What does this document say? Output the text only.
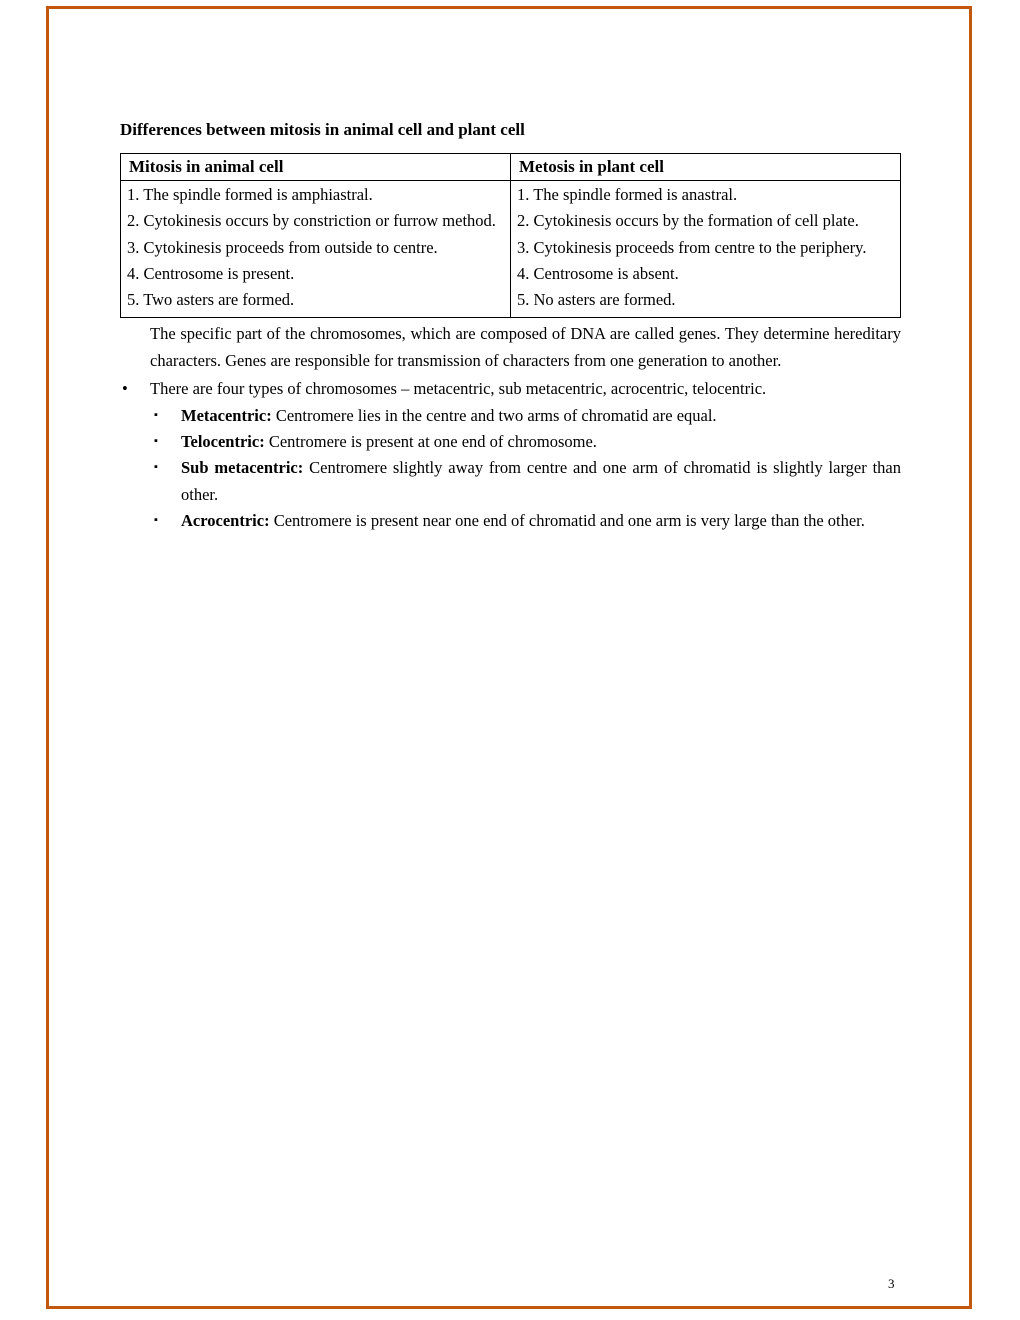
Differences between mitosis in animal cell and plant cell
Mitosis in animal cell	Metosis in plant cell

1. The spindle formed is amphiastral.
2. Cytokinesis occurs by constriction or furrow method.
3. Cytokinesis proceeds from outside to centre.
4. Centrosome is present.
5. Two asters are formed.

1. The spindle formed is anastral.
2. Cytokinesis occurs by the formation of cell plate.
3. Cytokinesis proceeds from centre to the periphery.
4. Centrosome is absent.
5. No asters are formed.
The specific part of the chromosomes, which are composed of DNA are called genes. They determine hereditary characters. Genes are responsible for transmission of characters from one generation to another.
• There are four types of chromosomes – metacentric, sub metacentric, acrocentric, telocentric.
▪ Metacentric: Centromere lies in the centre and two arms of chromatid are equal.
▪ Telocentric: Centromere is present at one end of chromosome.
▪ Sub metacentric: Centromere slightly away from centre and one arm of chromatid is slightly larger than other.
▪ Acrocentric: Centromere is present near one end of chromatid and one arm is very large than the other.
3
